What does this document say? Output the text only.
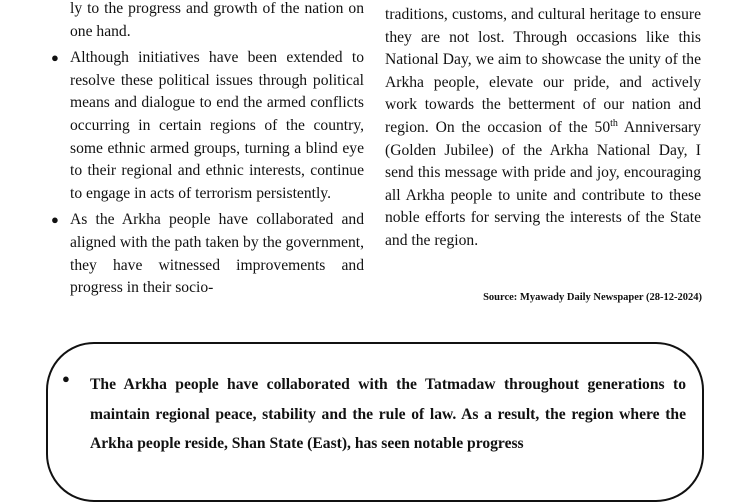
ly to the progress and growth of the nation on one hand.

● Although initiatives have been extended to resolve these political issues through political means and dialogue to end the armed conflicts occurring in certain regions of the country, some ethnic armed groups, turning a blind eye to their regional and ethnic interests, continue to engage in acts of terrorism persistently.
● As the Arkha people have collaborated and aligned with the path taken by the government, they have witnessed improvements and progress in their socio-

traditions, customs, and cultural heritage to ensure they are not lost. Through occasions like this National Day, we aim to showcase the unity of the Arkha people, elevate our pride, and actively work towards the betterment of our nation and region. On the occasion of the 50th Anniversary (Golden Jubilee) of the Arkha National Day, I send this message with pride and joy, encouraging all Arkha people to unite and contribute to these noble efforts for serving the interests of the State and the region.

Source: Myawady Daily Newspaper (28-12-2024)
● The Arkha people have collaborated with the Tatmadaw throughout generations to maintain regional peace, stability and the rule of law. As a result, the region where the Arkha people reside, Shan State (East), has seen notable progress
